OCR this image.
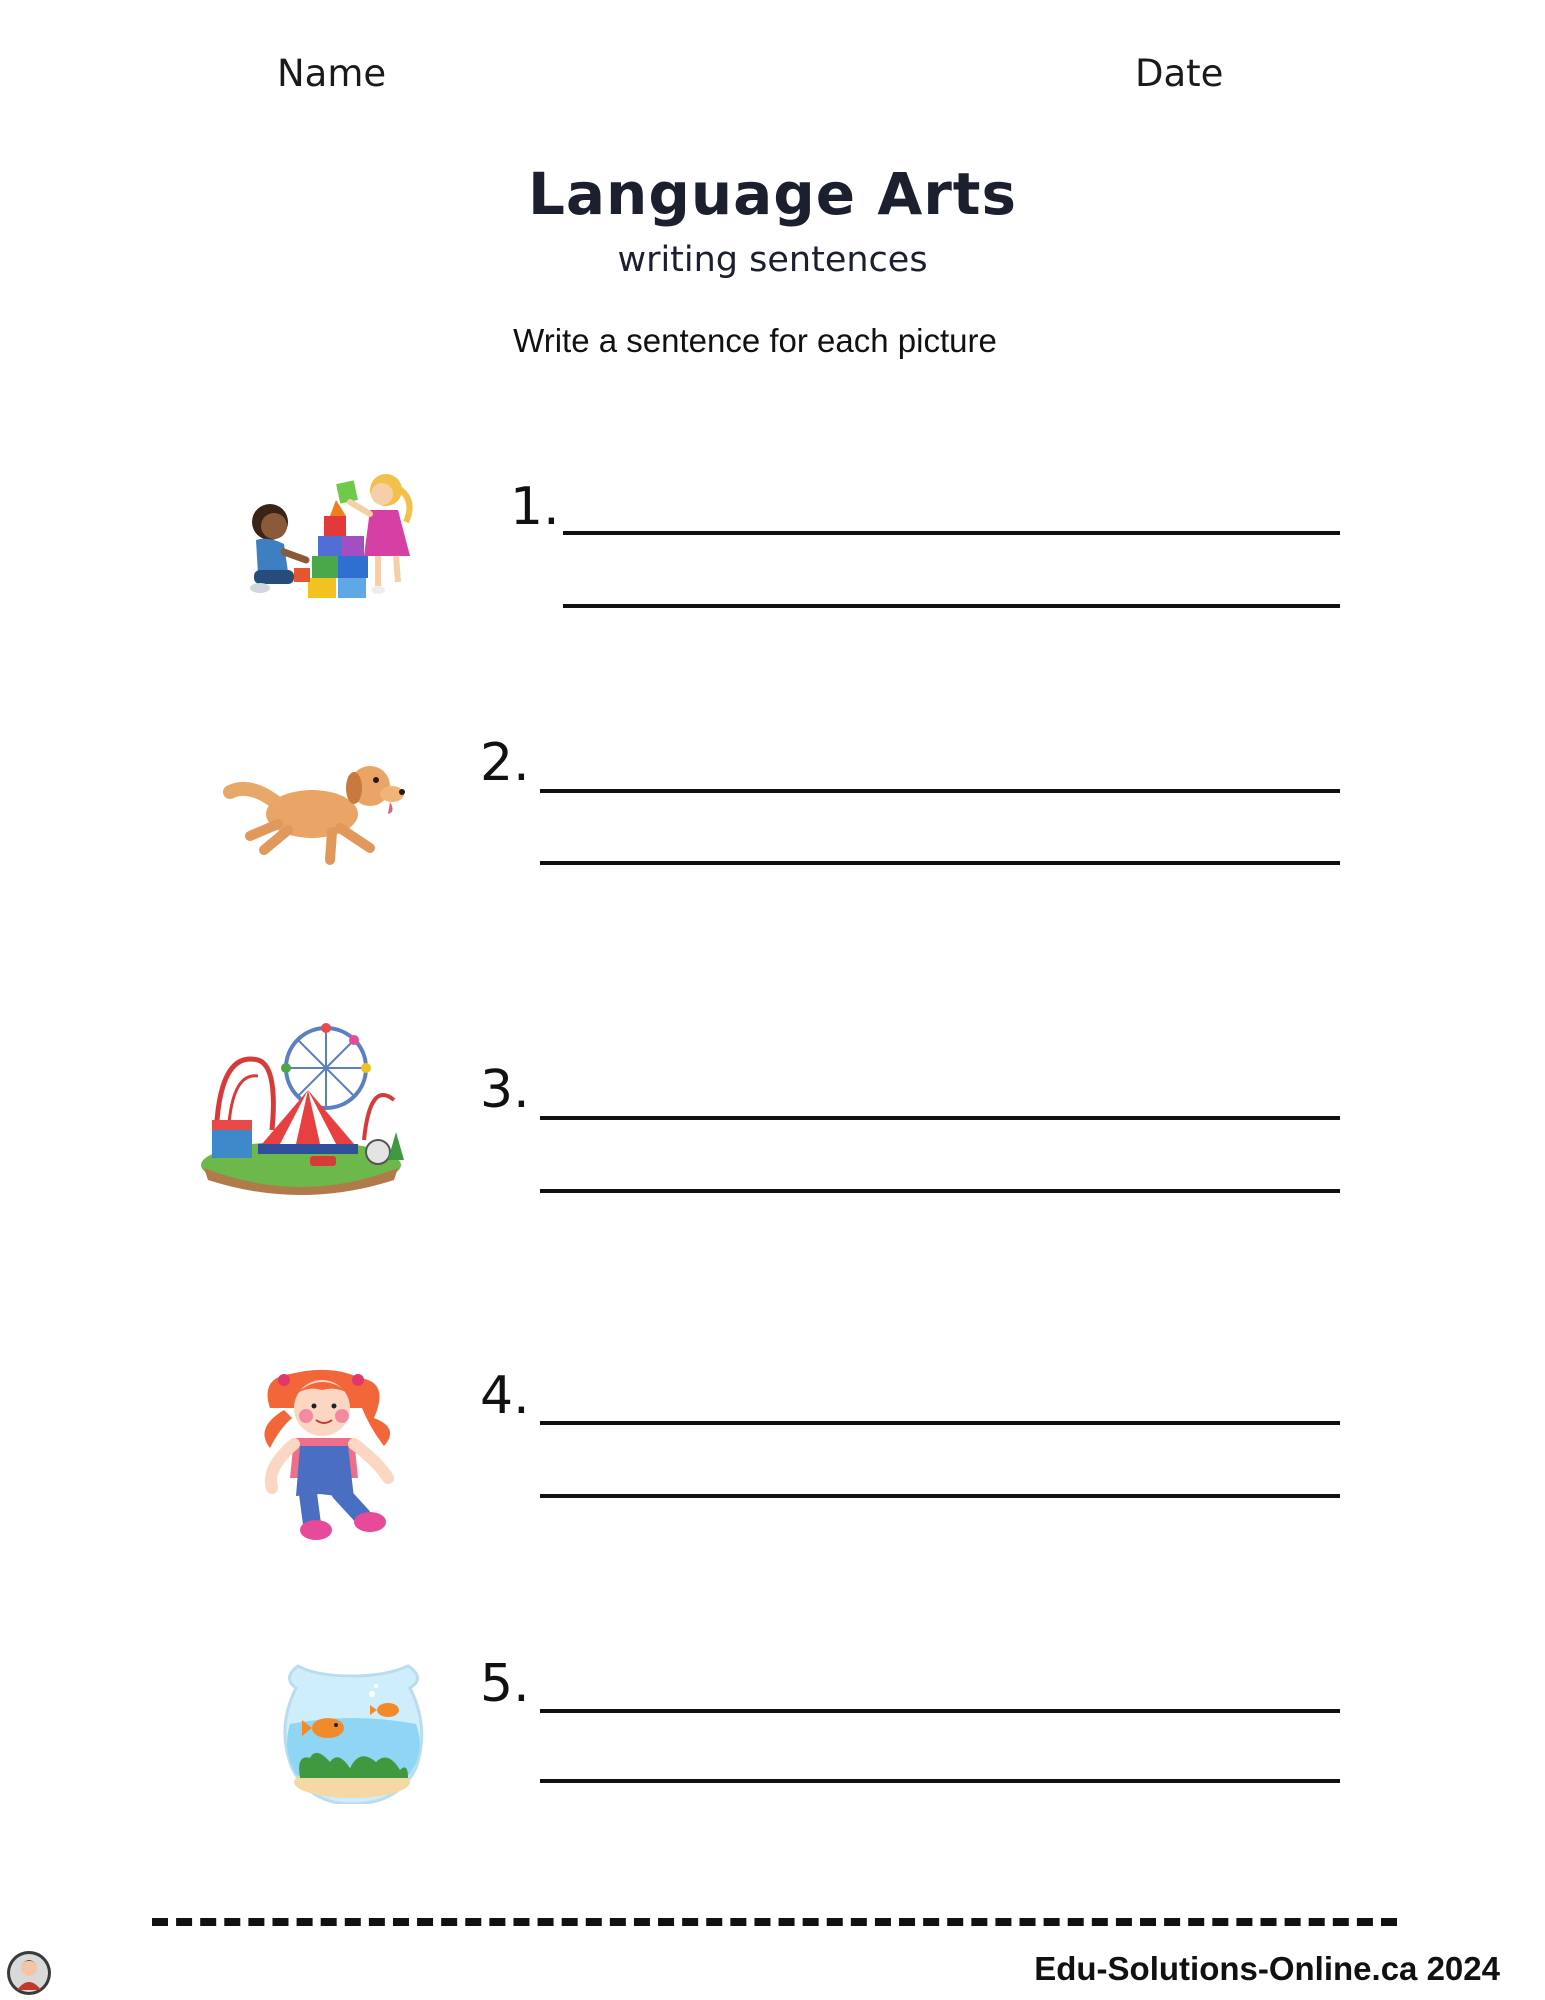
Name	Date
Language Arts
writing sentences
Write a sentence for each picture
1.
2.
3.
4.
5.
Edu-Solutions-Online.ca 2024
